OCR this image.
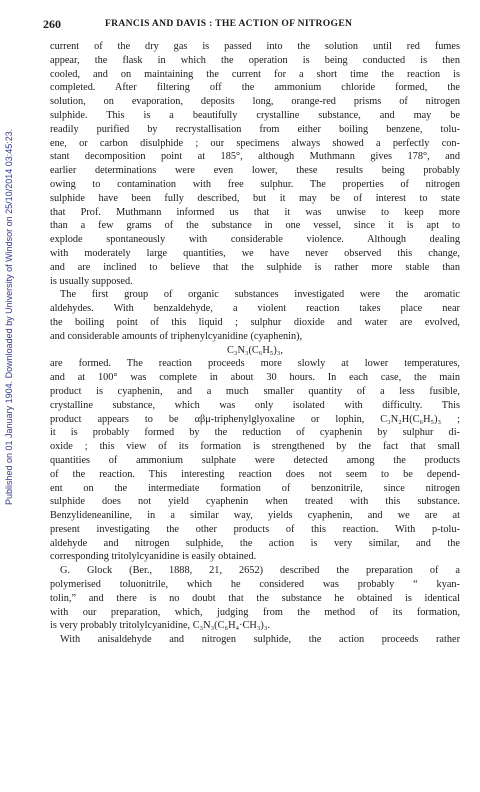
260	FRANCIS AND DAVIS : THE ACTION OF NITROGEN
Published on 01 January 1904. Downloaded by University of Windsor on 25/10/2014 03:45:23.
current of the dry gas is passed into the solution until red fumes
appear, the flask in which the operation is being conducted is then
cooled, and on maintaining the current for a short time the reaction is
completed. After filtering off the ammonium chloride formed, the
solution, on evaporation, deposits long, orange-red prisms of nitrogen
sulphide. This is a beautifully crystalline substance, and may be
readily purified by recrystallisation from either boiling benzene, tolu-
ene, or carbon disulphide ; our specimens always showed a perfectly con-
stant decomposition point at 185°, although Muthmann gives 178°, and
earlier determinations were even lower, these results being probably
owing to contamination with free sulphur. The properties of nitrogen
sulphide have been fully described, but it may be of interest to state
that Prof. Muthmann informed us that it was unwise to keep more
than a few grams of the substance in one vessel, since it is apt to
explode spontaneously with considerable violence. Although dealing
with moderately large quantities, we have never observed this change,
and are inclined to believe that the sulphide is rather more stable than
is usually supposed.
The first group of organic substances investigated were the aromatic
aldehydes. With benzaldehyde, a violent reaction takes place near
the boiling point of this liquid ; sulphur dioxide and water are evolved,
and considerable amounts of triphenylcyanidine (cyaphenin),
C₃N₃(C₆H₅)₃,
are formed. The reaction proceeds more slowly at lower temperatures,
and at 100° was complete in about 30 hours. In each case, the main
product is cyaphenin, and a much smaller quantity of a less fusible,
crystalline substance, which was only isolated with difficulty. This
product appears to be αβμ-triphenylglyoxaline or lophin, C₃N₂H(C₆H₅)₃ ;
it is probably formed by the reduction of cyaphenin by sulphur di-
oxide ; this view of its formation is strengthened by the fact that small
quantities of ammonium sulphate were detected among the products
of the reaction. This interesting reaction does not seem to be depend-
ent on the intermediate formation of benzonitrile, since nitrogen
sulphide does not yield cyaphenin when treated with this substance.
Benzylideneaniline, in a similar way, yields cyaphenin, and we are at
present investigating the other products of this reaction. With p-tolu-
aldehyde and nitrogen sulphide, the action is very similar, and the
corresponding tritolylcyanidine is easily obtained.
G. Glock (Ber., 1888, 21, 2652) described the preparation of a
polymerised toluonitrile, which he considered was probably “ kyan-
tolin,” and there is no doubt that the substance he obtained is identical
with our preparation, which, judging from the method of its formation,
is very probably tritolylcyanidine, C₃N₃(C₆H₄·CH₃)₃.
With anisaldehyde and nitrogen sulphide, the action proceeds rather
